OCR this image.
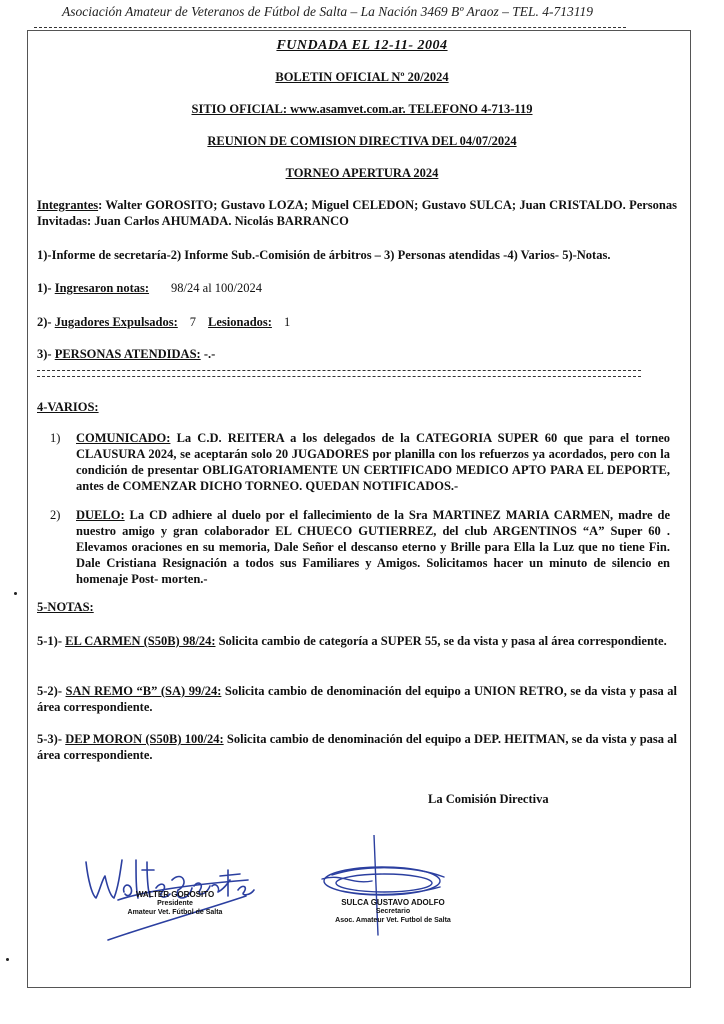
Asociación Amateur de Veteranos de Fútbol de Salta – La Nación 3469 Bº Araoz – TEL. 4-713119
FUNDADA EL 12-11- 2004
BOLETIN OFICIAL Nº 20/2024
SITIO OFICIAL: www.asamvet.com.ar. TELEFONO 4-713-119
REUNION DE COMISION DIRECTIVA DEL 04/07/2024
TORNEO APERTURA 2024
Integrantes: Walter GOROSITO; Gustavo LOZA; Miguel CELEDON; Gustavo SULCA; Juan CRISTALDO. Personas Invitadas: Juan Carlos AHUMADA. Nicolás BARRANCO
1)-Informe de secretaría-2) Informe Sub.-Comisión de árbitros – 3) Personas atendidas -4) Varios- 5)-Notas.
1)- Ingresaron notas: 98/24 al 100/2024
2)- Jugadores Expulsados: 7 Lesionados: 1
3)- PERSONAS ATENDIDAS: -.-
4-VARIOS:
1) COMUNICADO: La C.D. REITERA a los delegados de la CATEGORIA SUPER 60 que para el torneo CLAUSURA 2024, se aceptarán solo 20 JUGADORES por planilla con los refuerzos ya acordados, pero con la condición de presentar OBLIGATORIAMENTE UN CERTIFICADO MEDICO APTO PARA EL DEPORTE, antes de COMENZAR DICHO TORNEO. QUEDAN NOTIFICADOS.-
2) DUELO: La CD adhiere al duelo por el fallecimiento de la Sra MARTINEZ MARIA CARMEN, madre de nuestro amigo y gran colaborador EL CHUECO GUTIERREZ, del club ARGENTINOS “A” Super 60 . Elevamos oraciones en su memoria, Dale Señor el descanso eterno y Brille para Ella la Luz que no tiene Fin. Dale Cristiana Resignación a todos sus Familiares y Amigos. Solicitamos hacer un minuto de silencio en homenaje Post- morten.-
5-NOTAS:
5-1)- EL CARMEN (S50B) 98/24: Solicita cambio de categoría a SUPER 55, se da vista y pasa al área correspondiente.
5-2)- SAN REMO “B” (SA) 99/24: Solicita cambio de denominación del equipo a UNION RETRO, se da vista y pasa al área correspondiente.
5-3)- DEP MORON (S50B) 100/24: Solicita cambio de denominación del equipo a DEP. HEITMAN, se da vista y pasa al área correspondiente.
La Comisión Directiva
WALTER GOROSITO
Presidente
Amateur Vet. Fútbol de Salta
SULCA GUSTAVO ADOLFO
Secretario
Asoc. Amateur Vet. Futbol de Salta
